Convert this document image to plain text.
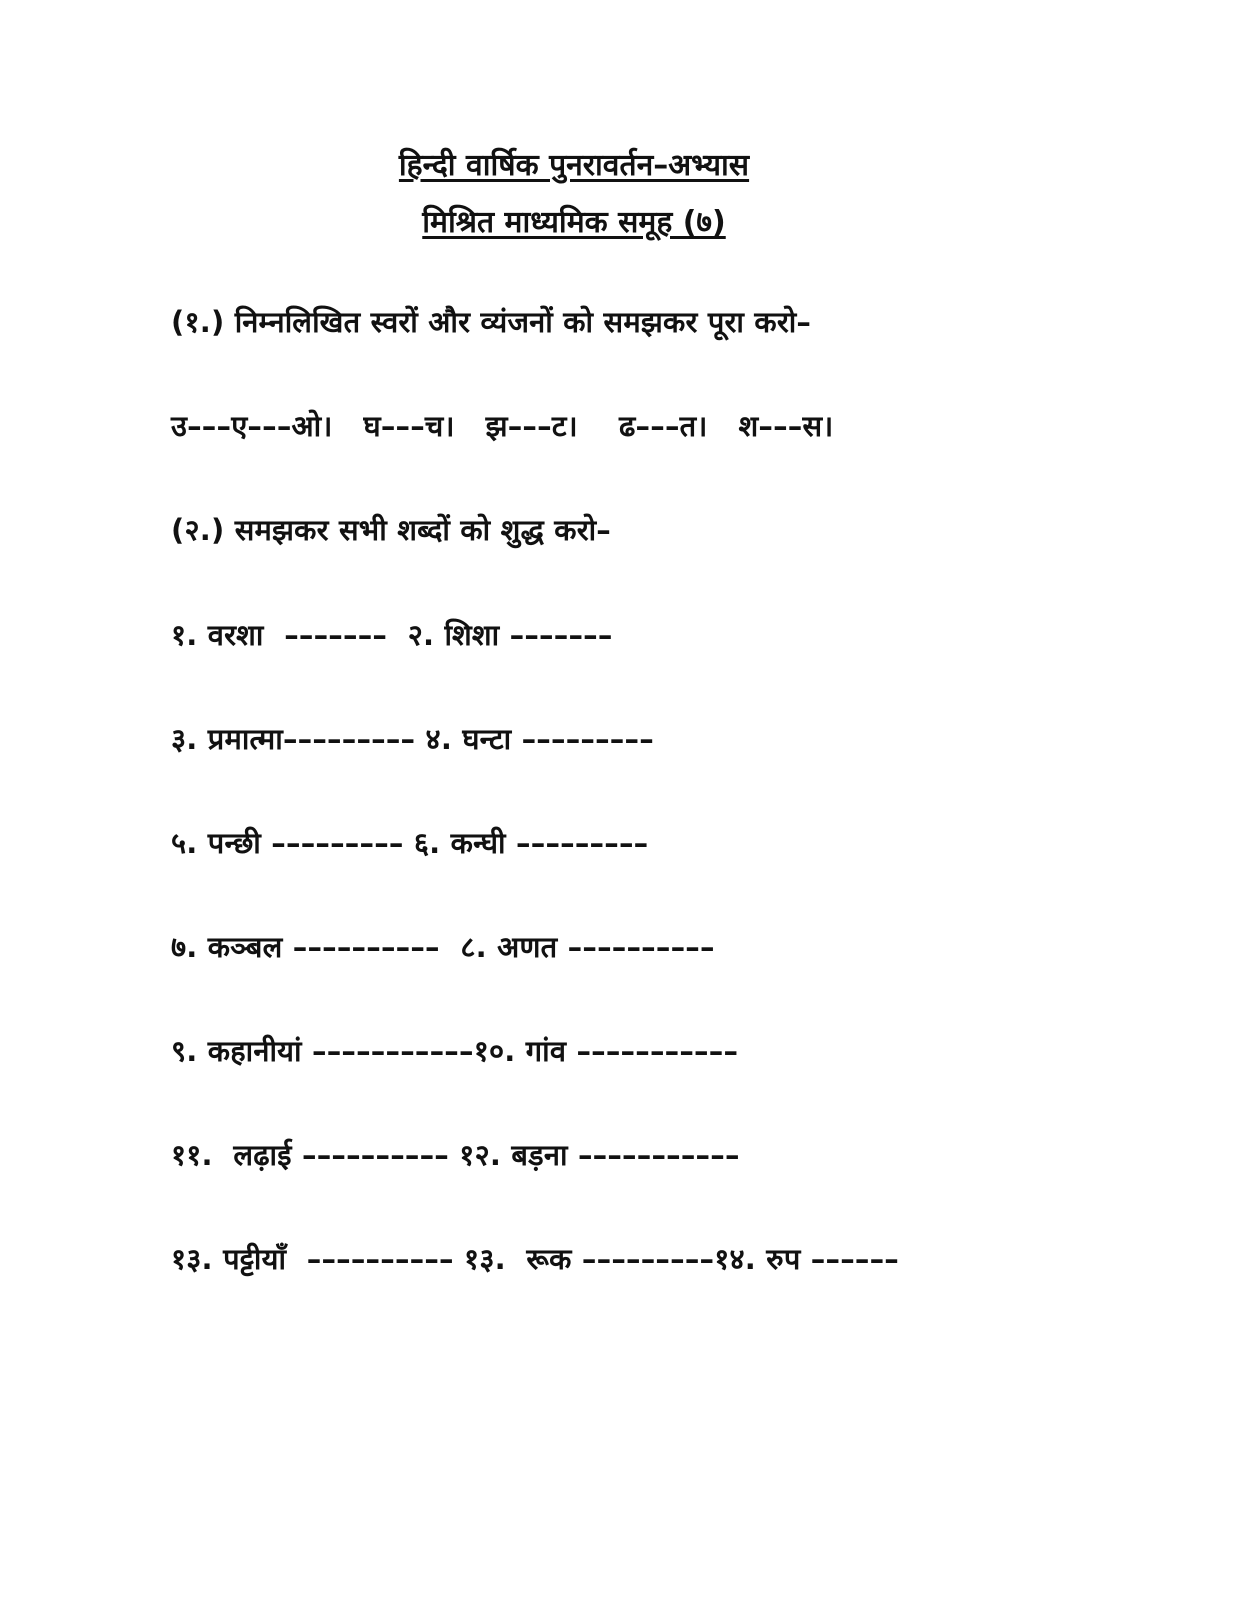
हिन्दी वार्षिक पुनरावर्तन–अभ्यास
मिश्रित माध्यमिक समूह (७)
(१.) निम्नलिखित स्वरों और व्यंजनों को समझकर पूरा करो–
उ–––ए–––ओ।   घ–––च।   झ–––ट।    ढ–––त।   श–––स।
(२.) समझकर सभी शब्दों को शुद्ध करो–
१. वरशा  –––––––  २. शिशा –––––––
३. प्रमात्मा––––––––– ४. घन्टा –––––––––
५. पन्छी ––––––––– ६. कन्घी –––––––––
७. कञ्बल ––––––––––  ८. अणत ––––––––––
९. कहानीयां –––––––––––१०. गांव –––––––––––
११.  लढ़ाई –––––––––– १२. बड़ना –––––––––––
१३. पट्टीयाँ  –––––––––– १३.  रूक –––––––––१४. रुप ––––––
